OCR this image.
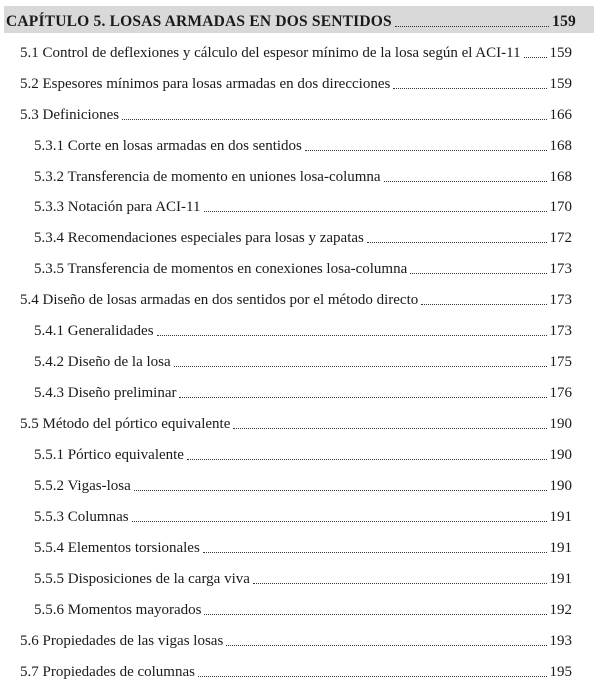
CAPÍTULO 5. LOSAS ARMADAS EN DOS SENTIDOS	159
5.1 Control de deflexiones y cálculo del espesor mínimo de la losa según el ACI-11 159
5.2 Espesores mínimos para losas armadas en dos direcciones	159
5.3 Definiciones	166
5.3.1 Corte en losas armadas en dos sentidos	168
5.3.2 Transferencia de momento en uniones losa-columna	168
5.3.3 Notación para ACI-11	170
5.3.4 Recomendaciones especiales para losas y zapatas	172
5.3.5 Transferencia de momentos en conexiones losa-columna	173
5.4 Diseño de losas armadas en dos sentidos por el método directo	173
5.4.1 Generalidades	173
5.4.2 Diseño de la losa	175
5.4.3 Diseño preliminar	176
5.5 Método del pórtico equivalente	190
5.5.1 Pórtico equivalente	190
5.5.2 Vigas-losa	190
5.5.3 Columnas	191
5.5.4 Elementos torsionales	191
5.5.5 Disposiciones de la carga viva	191
5.5.6 Momentos mayorados	192
5.6 Propiedades de las vigas losas	193
5.7 Propiedades de columnas	195
